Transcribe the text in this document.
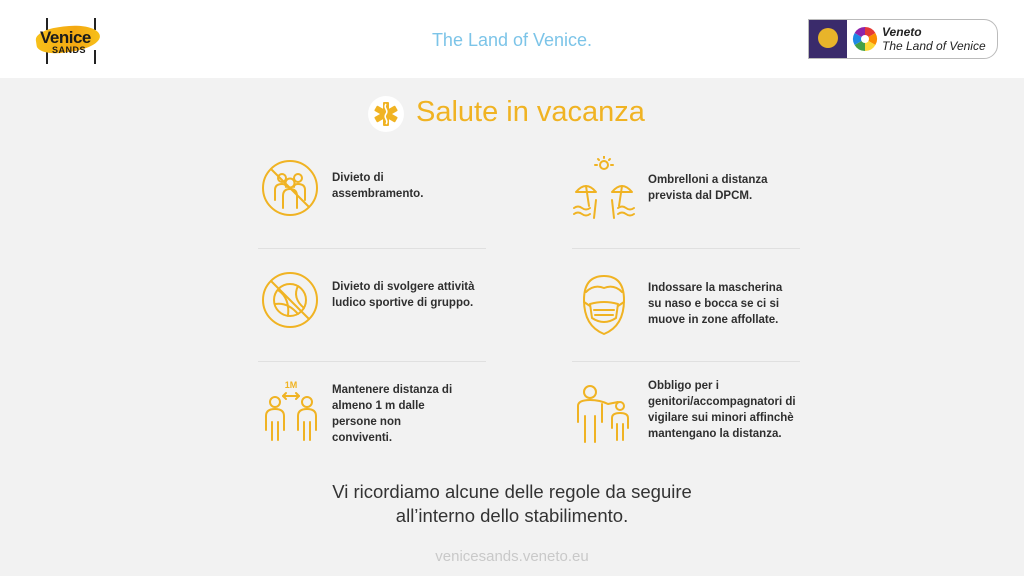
Venice
SANDS	The Land of Venice.	Veneto
The Land of Venice
Salute in vacanza
Divieto di assembramento.
Ombrelloni a distanza prevista dal DPCM.
Divieto di svolgere attività ludico sportive di gruppo.
Indossare la mascherina su naso e bocca se ci si muove in zone affollate.
1M	Mantenere distanza di almeno 1 m dalle persone non conviventi.
Obbligo per i genitori/accompagnatori di vigilare sui minori affinchè mantengano la distanza.
Vi ricordiamo alcune delle regole da seguire
all’interno dello stabilimento.
venicesands.veneto.eu
